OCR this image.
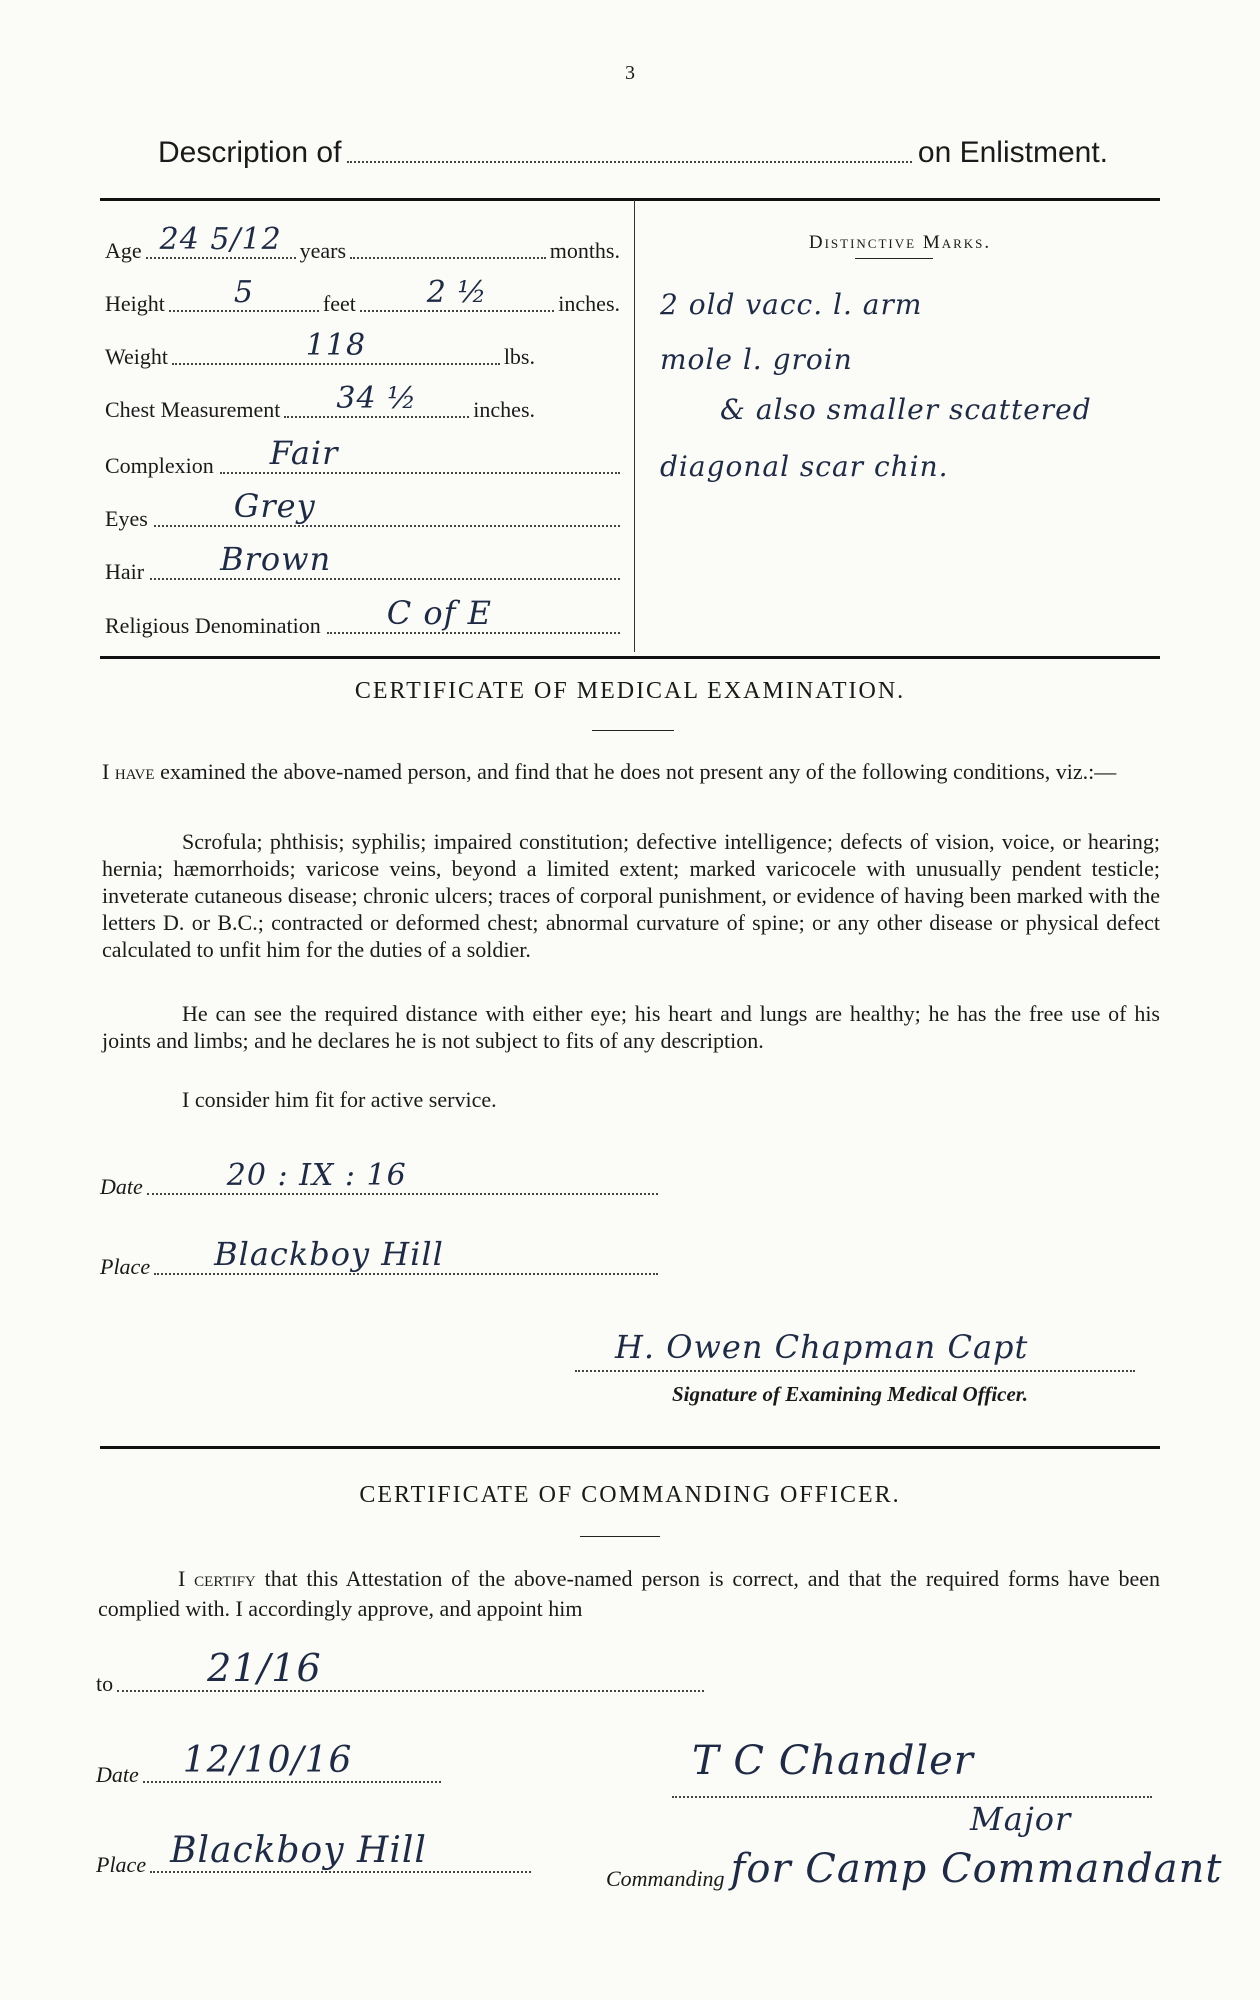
3
Description of	on Enlistment.
Age 24 5/12 years	months.
Height	5	feet	2 ½	inches.
Weight	118	lbs.
Chest Measurement	34 ½	inches.
Complexion	Fair
Eyes	Grey
Hair	Brown
Religious Denomination	C of E
Distinctive Marks.
2 old vacc. l. arm
mole l. groin
& also smaller scattered
diagonal scar chin.
CERTIFICATE OF MEDICAL EXAMINATION.
I have examined the above-named person, and find that he does not present any of the following conditions, viz.:—
Scrofula; phthisis; syphilis; impaired constitution; defective intelligence; defects of vision, voice, or hearing; hernia; hæmorrhoids; varicose veins, beyond a limited extent; marked varicocele with unusually pendent testicle; inveterate cutaneous disease; chronic ulcers; traces of corporal punishment, or evidence of having been marked with the letters D. or B.C.; contracted or deformed chest; abnormal curvature of spine; or any other disease or physical defect calculated to unfit him for the duties of a soldier.
He can see the required distance with either eye; his heart and lungs are healthy; he has the free use of his joints and limbs; and he declares he is not subject to fits of any description.
I consider him fit for active service.
Date	20 : IX : 16
Place	Blackboy Hill
H. Owen Chapman Capt
Signature of Examining Medical Officer.
CERTIFICATE OF COMMANDING OFFICER.
I certify that this Attestation of the above-named person is correct, and that the required forms have been complied with. I accordingly approve, and appoint him
to	21/16
Date	12/10/16
Place Blackboy Hill
T C Chandler
Major
Commanding for Camp Commandant
